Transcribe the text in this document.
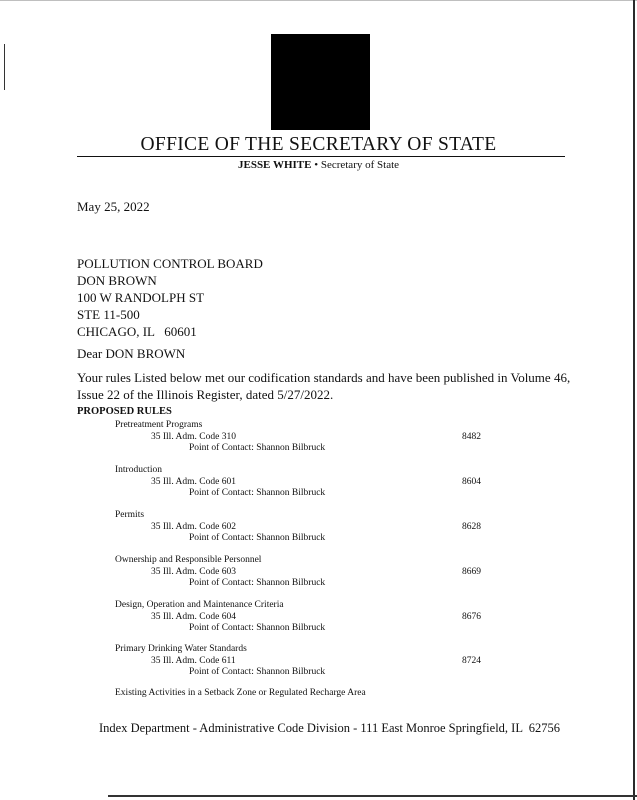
OFFICE OF THE SECRETARY OF STATE
JESSE WHITE • Secretary of State
May 25, 2022
POLLUTION CONTROL BOARD
DON BROWN
100 W RANDOLPH ST
STE 11-500
CHICAGO, IL   60601
Dear DON BROWN
Your rules Listed below met our codification standards and have been published in Volume 46,
Issue 22 of the Illinois Register, dated 5/27/2022.
PROPOSED RULES
Pretreatment Programs
35 Ill. Adm. Code 310	8482
Point of Contact: Shannon Bilbruck
Introduction
35 Ill. Adm. Code 601	8604
Point of Contact: Shannon Bilbruck
Permits
35 Ill. Adm. Code 602	8628
Point of Contact: Shannon Bilbruck
Ownership and Responsible Personnel
35 Ill. Adm. Code 603	8669
Point of Contact: Shannon Bilbruck
Design, Operation and Maintenance Criteria
35 Ill. Adm. Code 604	8676
Point of Contact: Shannon Bilbruck
Primary Drinking Water Standards
35 Ill. Adm. Code 611	8724
Point of Contact: Shannon Bilbruck
Existing Activities in a Setback Zone or Regulated Recharge Area
Index Department - Administrative Code Division - 111 East Monroe Springfield, IL  62756
